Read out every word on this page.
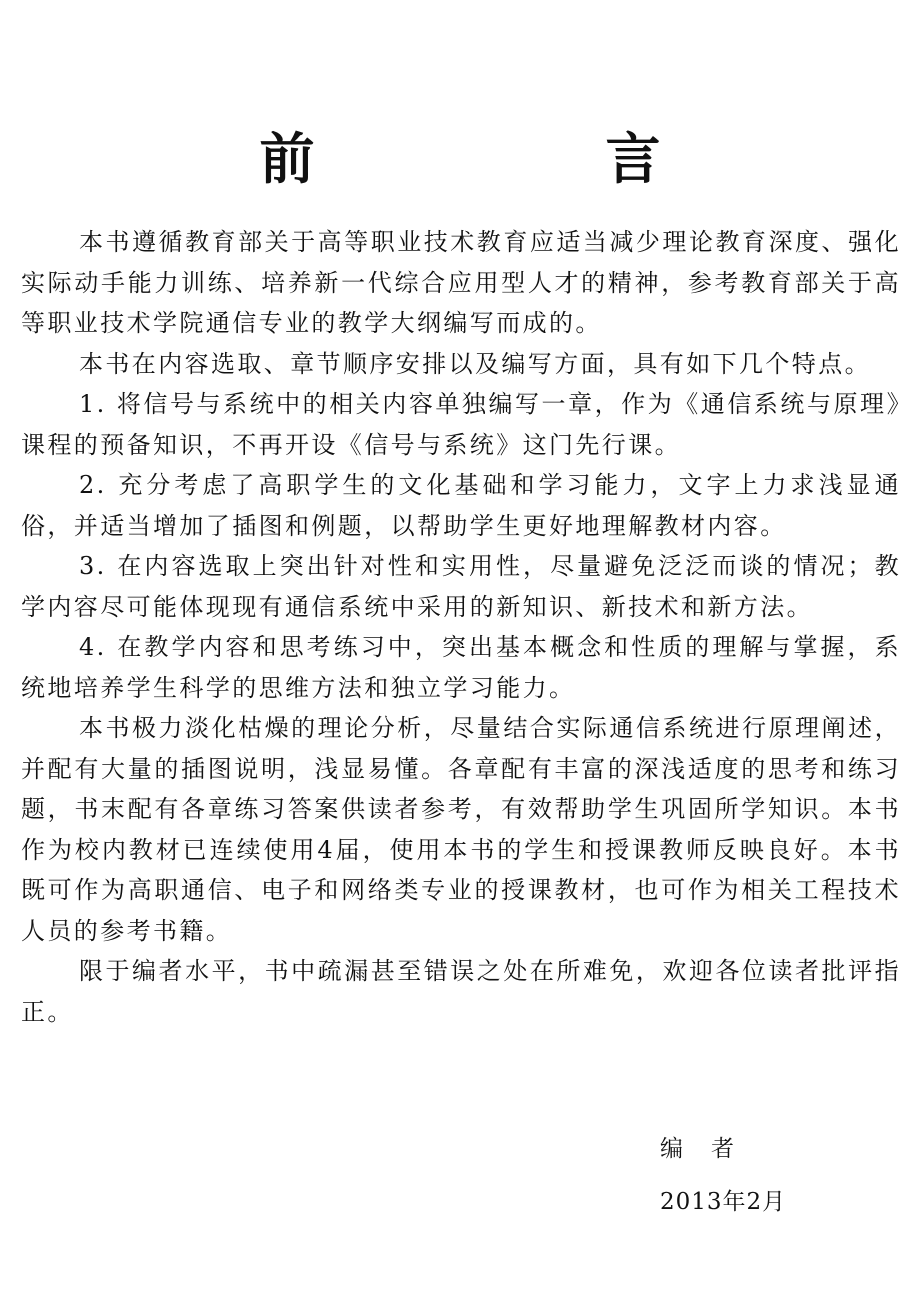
前　言

本书遵循教育部关于高等职业技术教育应适当减少理论教育深度、强化实际动手能力训练、培养新一代综合应用型人才的精神，参考教育部关于高等职业技术学院通信专业的教学大纲编写而成的。

本书在内容选取、章节顺序安排以及编写方面，具有如下几个特点。

1. 将信号与系统中的相关内容单独编写一章，作为《通信系统与原理》课程的预备知识，不再开设《信号与系统》这门先行课。

2. 充分考虑了高职学生的文化基础和学习能力，文字上力求浅显通俗，并适当增加了插图和例题，以帮助学生更好地理解教材内容。

3. 在内容选取上突出针对性和实用性，尽量避免泛泛而谈的情况；教学内容尽可能体现现有通信系统中采用的新知识、新技术和新方法。

4. 在教学内容和思考练习中，突出基本概念和性质的理解与掌握，系统地培养学生科学的思维方法和独立学习能力。

本书极力淡化枯燥的理论分析，尽量结合实际通信系统进行原理阐述，并配有大量的插图说明，浅显易懂。各章配有丰富的深浅适度的思考和练习题，书末配有各章练习答案供读者参考，有效帮助学生巩固所学知识。本书作为校内教材已连续使用4届，使用本书的学生和授课教师反映良好。本书既可作为高职通信、电子和网络类专业的授课教材，也可作为相关工程技术人员的参考书籍。

限于编者水平，书中疏漏甚至错误之处在所难免，欢迎各位读者批评指正。

编者
2013年2月
